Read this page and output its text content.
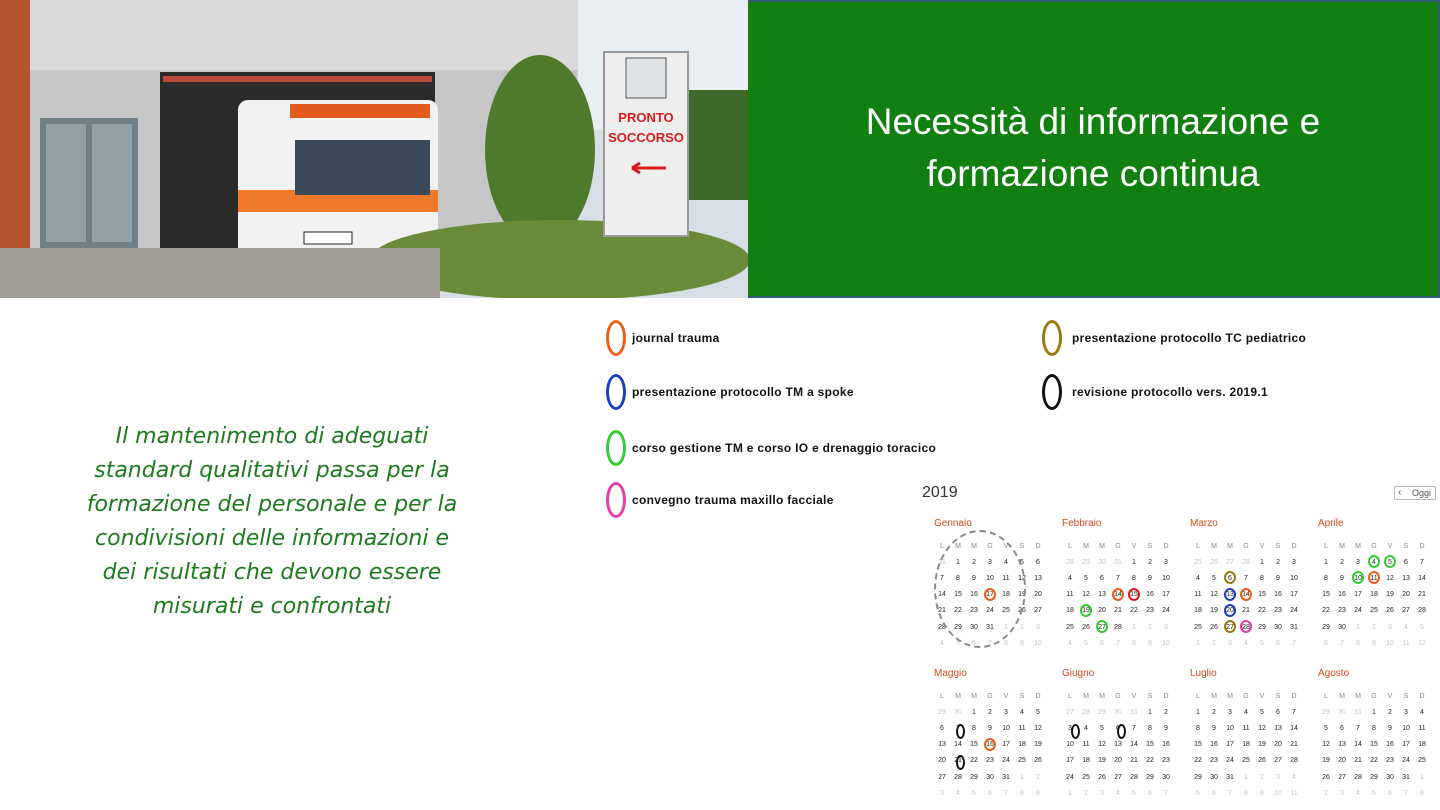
PRONTO
SOCCORSO	Necessità di informazione e
formazione continua
Il mantenimento di adeguati
standard qualitativi passa per la
formazione del personale e per la
condivisioni delle informazioni e
dei risultati che devono essere
misurati e confrontati
journal trauma
presentazione protocollo TM a spoke
corso gestione TM e corso IO e drenaggio toracico
convegno trauma maxillo facciale
presentazione protocollo TC pediatrico
revisione protocollo vers. 2019.1
2019	‹ Oggi
Gennaio
L	M	M	G	V	S	D
31	1	2	3	4	5	6
7	8	9	10	11	12	13
14	15	16	17	18	19	20
21	22	23	24	25	26	27
28	29	30	31	1	2	3
4	5	6	7	8	9	10
Febbraio
L	M	M	G	V	S	D
28	29	30	31	1	2	3
4	5	6	7	8	9	10
11	12	13	14	15	16	17
18	19	20	21	22	23	24
25	26	27	28	1	2	3
4	5	6	7	8	9	10
Marzo
L	M	M	G	V	S	D
25	26	27	28	1	2	3
4	5	6	7	8	9	10
11	12	13	14	15	16	17
18	19	20	21	22	23	24
25	26	27	28	29	30	31
1	2	3	4	5	6	7
Aprile
L	M	M	G	V	S	D
1	2	3	4	5	6	7
8	9	10	11	12	13	14
15	16	17	18	19	20	21
22	23	24	25	26	27	28
29	30	1	2	3	4	5
6	7	8	9	10	11	12
Maggio
L	M	M	G	V	S	D
29	30	1	2	3	4	5
6	7	8	9	10	11	12
13	14	15	16	17	18	19
20	21	22	23	24	25	26
27	28	29	30	31	1	2
3	4	5	6	7	8	9
Giugno
L	M	M	G	V	S	D
27	28	29	30	31	1	2
3	4	5	6	7	8	9
10	11	12	13	14	15	16
17	18	19	20	21	22	23
24	25	26	27	28	29	30
1	2	3	4	5	6	7
Luglio
L	M	M	G	V	S	D
1	2	3	4	5	6	7
8	9	10	11	12	13	14
15	16	17	18	19	20	21
22	23	24	25	26	27	28
29	30	31	1	2	3	4
5	6	7	8	9	10	11
Agosto
L	M	M	G	V	S	D
29	30	31	1	2	3	4
5	6	7	8	9	10	11
12	13	14	15	16	17	18
19	20	21	22	23	24	25
26	27	28	29	30	31	1
2	3	4	5	6	7	8
